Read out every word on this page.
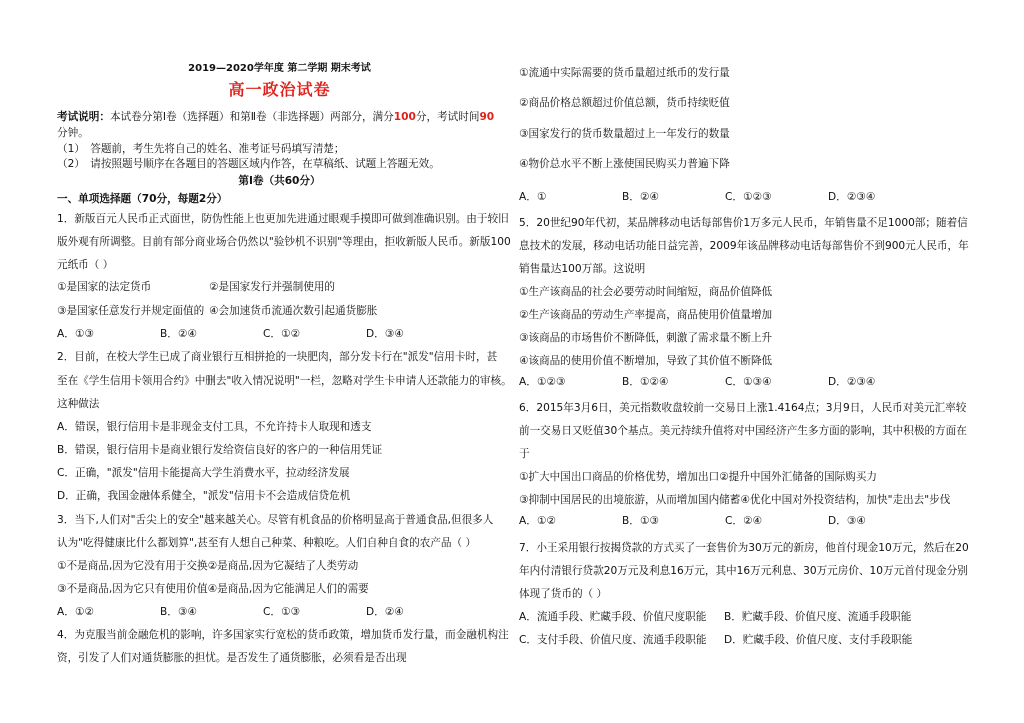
2019—2020学年度 第二学期 期末考试
高一政治试卷
考试说明：本试卷分第Ⅰ卷（选择题）和第Ⅱ卷（非选择题）两部分，满分100分，考试时间90
分钟。
（1）　答题前，考生先将自己的姓名、准考证号码填写清楚；
（2）　请按照题号顺序在各题目的答题区域内作答，在草稿纸、试题上答题无效。
第Ⅰ卷（共60分）
一、单项选择题（70分，每题2分）
1．新版百元人民币正式面世，防伪性能上也更加先进通过眼观手摸即可做到准确识别。由于较旧
版外观有所调整。目前有部分商业场合仍然以"验钞机不识别"等理由，拒收新版人民币。新版100
元纸币（ ）
①是国家的法定货币	②是国家发行并强制使用的
③是国家任意发行并规定面值的 ④会加速货币流通次数引起通货膨胀
A．①③	B．②④	C．①②	D．③④
2．目前，在校大学生已成了商业银行互相拼抢的一块肥肉，部分发卡行在"派发"信用卡时，甚
至在《学生信用卡领用合约》中删去"收入情况说明"一栏，忽略对学生卡申请人还款能力的审核。
这种做法
A．错误，银行信用卡是非现金支付工具，不允许持卡人取现和透支
B．错误，银行信用卡是商业银行发给资信良好的客户的一种信用凭证
C．正确，"派发"信用卡能提高大学生消费水平，拉动经济发展
D．正确，我国金融体系健全，"派发"信用卡不会造成信贷危机
3．当下,人们对"舌尖上的安全"越来越关心。尽管有机食品的价格明显高于普通食品,但很多人
认为"吃得健康比什么都划算",甚至有人想自己种菜、种粮吃。人们自种自食的农产品（ ）
①不是商品,因为它没有用于交换②是商品,因为它凝结了人类劳动
③不是商品,因为它只有使用价值④是商品,因为它能满足人们的需要
A．①②	B．③④	C．①③	D．②④
4．为克服当前金融危机的影响，许多国家实行宽松的货币政策，增加货币发行量，而金融机构注
资，引发了人们对通货膨胀的担忧。是否发生了通货膨胀，必须看是否出现
①流通中实际需要的货币量超过纸币的发行量
②商品价格总额超过价值总额，货币持续贬值
③国家发行的货币数量超过上一年发行的数量
④物价总水平不断上涨使国民购买力普遍下降
A．①	B．②④	C．①②③	D．②③④
5．20世纪90年代初，某品牌移动电话每部售价1万多元人民币，年销售量不足1000部；随着信
息技术的发展，移动电话功能日益完善，2009年该品牌移动电话每部售价不到900元人民币，年
销售量达100万部。这说明
①生产该商品的社会必要劳动时间缩短，商品价值降低
②生产该商品的劳动生产率提高，商品使用价值量增加
③该商品的市场售价不断降低，刺激了需求量不断上升
④该商品的使用价值不断增加，导致了其价值不断降低
A．①②③	B．①②④	C．①③④	D．②③④
6．2015年3月6日，美元指数收盘较前一交易日上涨1.4164点；3月9日，人民币对美元汇率较
前一交易日又贬值30个基点。美元持续升值将对中国经济产生多方面的影响，其中积极的方面在
于
①扩大中国出口商品的价格优势，增加出口②提升中国外汇储备的国际购买力
③抑制中国居民的出境旅游，从而增加国内储蓄④优化中国对外投资结构，加快"走出去"步伐
A．①②	B．①③	C．②④	D．③④
7．小王采用银行按揭贷款的方式买了一套售价为30万元的新房，他首付现金10万元，然后在20
年内付清银行贷款20万元及利息16万元，其中16万元利息、30万元房价、10万元首付现金分别
体现了货币的（ ）
A．流通手段、贮藏手段、价值尺度职能 B．贮藏手段、价值尺度、流通手段职能
C．支付手段、价值尺度、流通手段职能 D．贮藏手段、价值尺度、支付手段职能
